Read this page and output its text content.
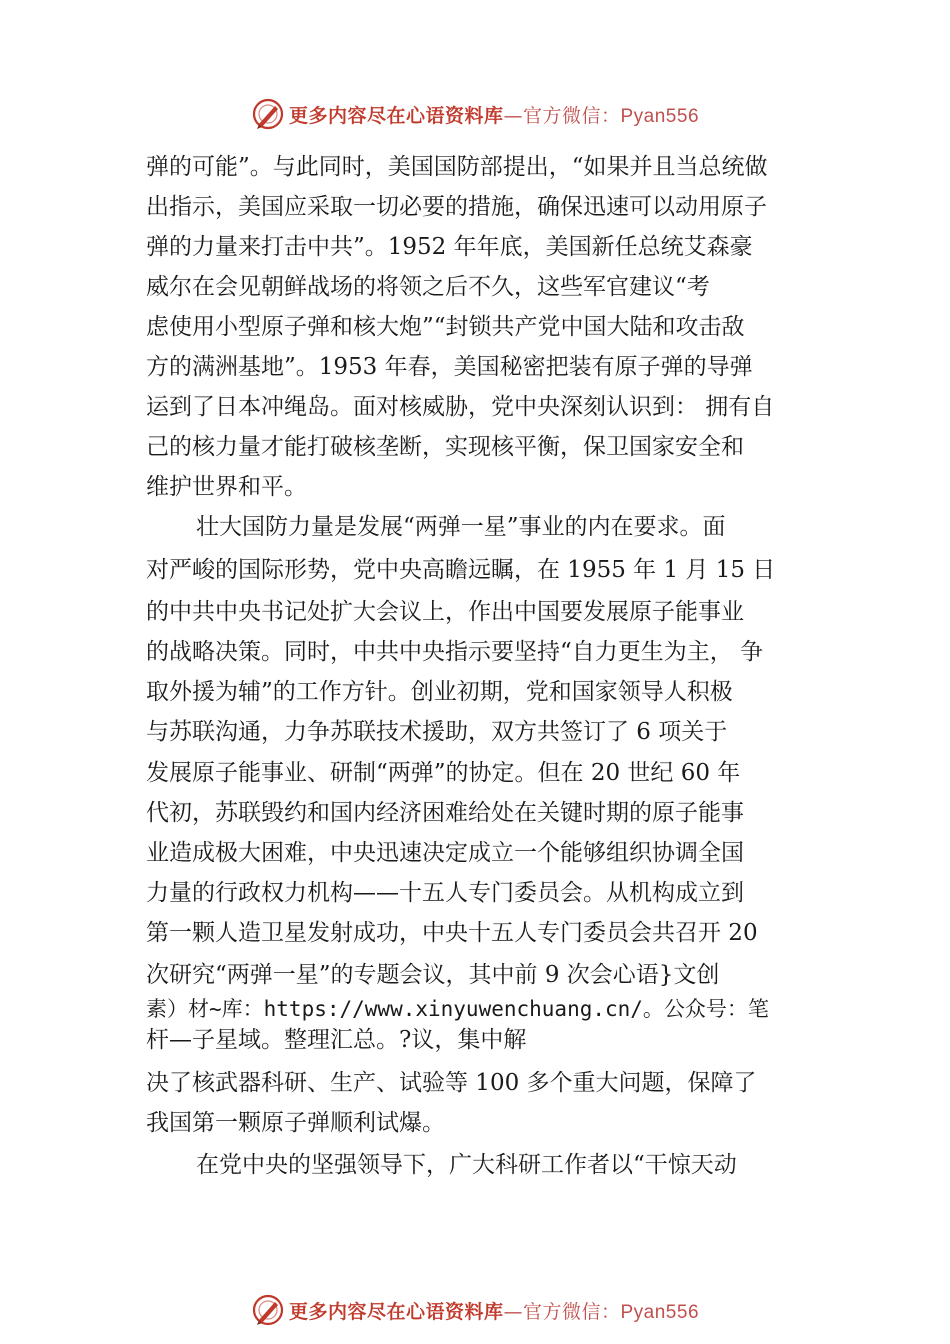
更多内容尽在心语资料库—官方微信：Pyan556
弹的可能”。与此同时，美国国防部提出，“如果并且当总统做
出指示，美国应采取一切必要的措施，确保迅速可以动用原子
弹的力量来打击中共”。1952 年年底，美国新任总统艾森豪
威尔在会见朝鲜战场的将领之后不久，这些军官建议“考
虑使用小型原子弹和核大炮”“封锁共产党中国大陆和攻击敌
方的满洲基地”。1953 年春，美国秘密把装有原子弹的导弹
运到了日本冲绳岛。面对核威胁，党中央深刻认识到： 拥有自
己的核力量才能打破核垄断，实现核平衡，保卫国家安全和
维护世界和平。
壮大国防力量是发展“两弹一星”事业的内在要求。面
对严峻的国际形势，党中央高瞻远瞩，在 1955 年 1 月 15 日
的中共中央书记处扩大会议上，作出中国要发展原子能事业
的战略决策。同时，中共中央指示要坚持“自力更生为主， 争
取外援为辅”的工作方针。创业初期，党和国家领导人积极
与苏联沟通，力争苏联技术援助，双方共签订了 6 项关于
发展原子能事业、研制“两弹”的协定。但在 20 世纪 60 年
代初，苏联毁约和国内经济困难给处在关键时期的原子能事
业造成极大困难，中央迅速决定成立一个能够组织协调全国
力量的行政权力机构——十五人专门委员会。从机构成立到
第一颗人造卫星发射成功，中央十五人专门委员会共召开 20
次研究“两弹一星”的专题会议，其中前 9 次会心语}文创
素）材~库：https://www.xinyuwenchuang.cn/。公众号：笔
杆—子星域。整理汇总。?议，集中解
决了核武器科研、生产、试验等 100 多个重大问题，保障了
我国第一颗原子弹顺利试爆。
在党中央的坚强领导下，广大科研工作者以“干惊天动
更多内容尽在心语资料库—官方微信：Pyan556
